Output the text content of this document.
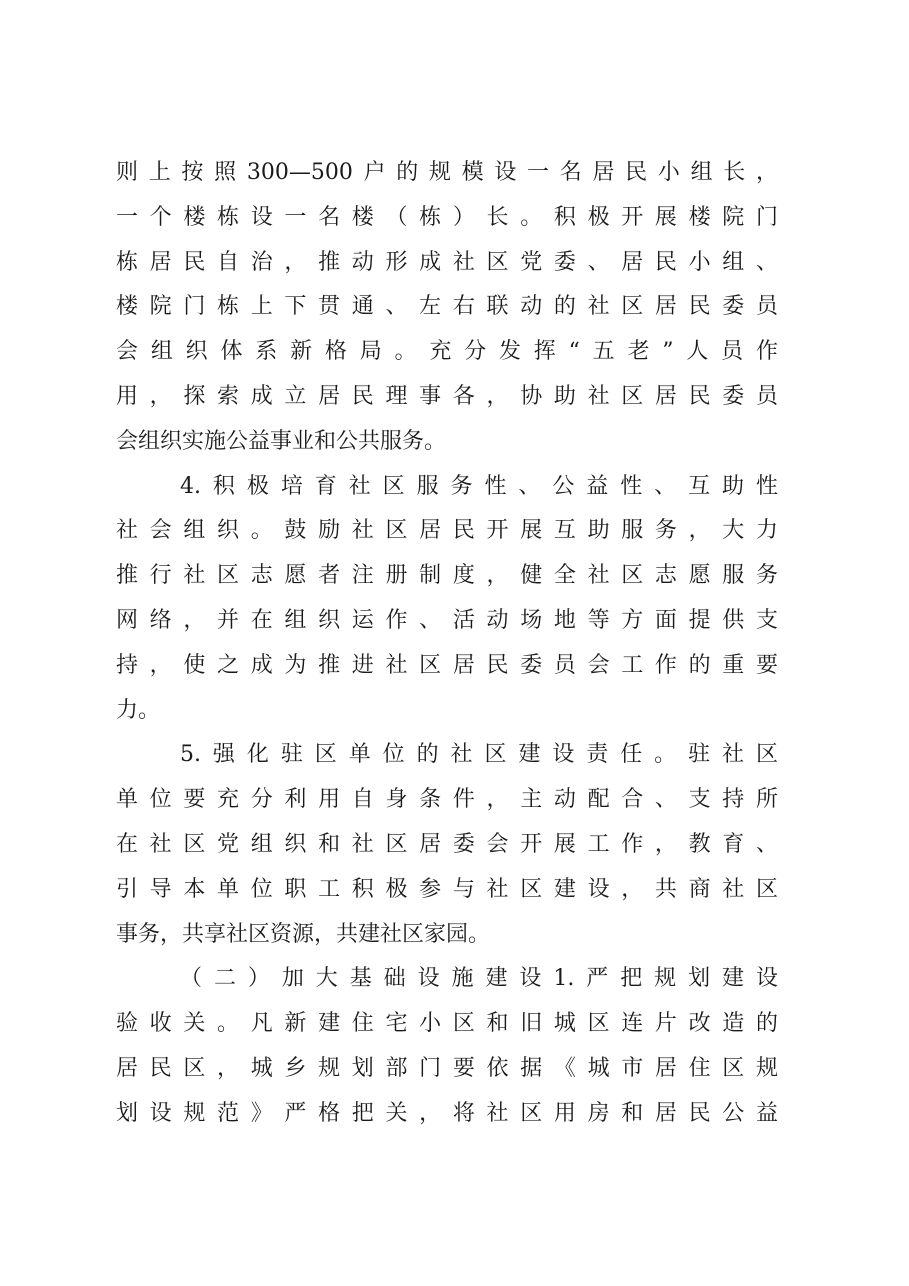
则上按照300—500户的规模设一名居民小组长，
一个楼栋设一名楼（栋）长。积极开展楼院门
栋居民自治，推动形成社区党委、居民小组、
楼院门栋上下贯通、左右联动的社区居民委员
会组织体系新格局。充分发挥“五老”人员作
用，探索成立居民理事各，协助社区居民委员
会组织实施公益事业和公共服务。
4.积极培育社区服务性、公益性、互助性
社会组织。鼓励社区居民开展互助服务，大力
推行社区志愿者注册制度，健全社区志愿服务
网络，并在组织运作、活动场地等方面提供支
持，使之成为推进社区居民委员会工作的重要
力。
5.强化驻区单位的社区建设责任。驻社区
单位要充分利用自身条件，主动配合、支持所
在社区党组织和社区居委会开展工作，教育、
引导本单位职工积极参与社区建设，共商社区
事务，共享社区资源，共建社区家园。
（二）加大基础设施建设1.严把规划建设
验收关。凡新建住宅小区和旧城区连片改造的
居民区，城乡规划部门要依据《城市居住区规
划设规范》严格把关，将社区用房和居民公益
